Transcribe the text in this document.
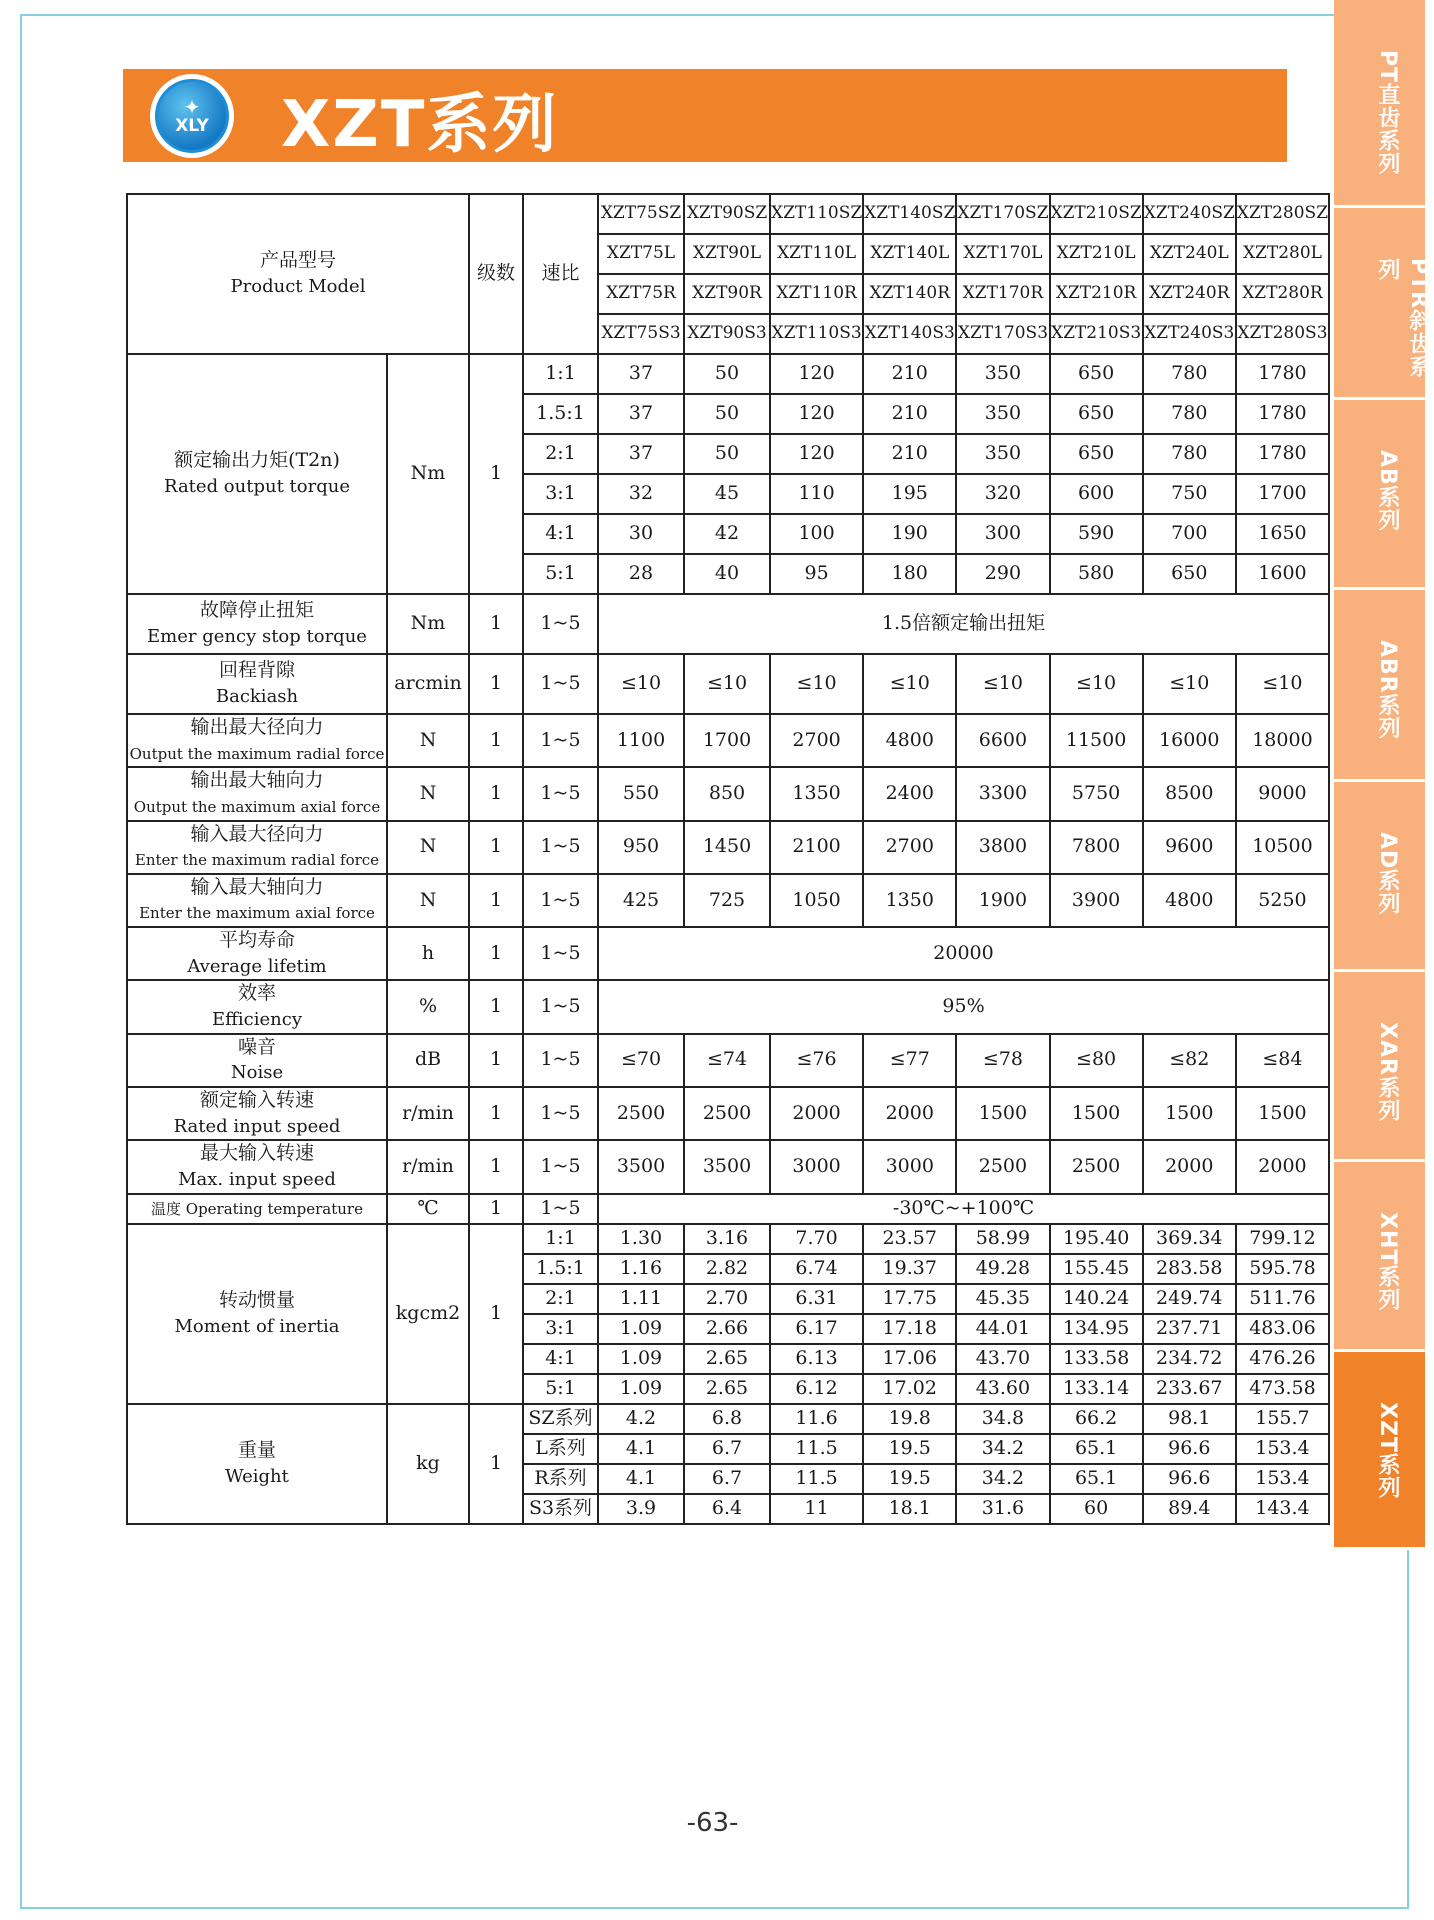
✦
XLY XZT系列	PT直齿系列
PTR斜齿系列
AB系列
ABR系列
AD系列
XAR系列
XHT系列
XZT系列
产品型号
Product Model		级数	速比	XZT75SZ	XZT90SZ	XZT110SZ	XZT140SZ	XZT170SZ	XZT210SZ	XZT240SZ	XZT280SZ
				XZT75L	XZT90L	XZT110L	XZT140L	XZT170L	XZT210L	XZT240L	XZT280L
				XZT75R	XZT90R	XZT110R	XZT140R	XZT170R	XZT210R	XZT240R	XZT280R
				XZT75S3	XZT90S3	XZT110S3	XZT140S3	XZT170S3	XZT210S3	XZT240S3	XZT280S3
额定输出力矩(T2n)
Rated output torque	Nm	1	1:1	37	50	120	210	350	650	780	1780
			1.5:1	37	50	120	210	350	650	780	1780
			2:1	37	50	120	210	350	650	780	1780
			3:1	32	45	110	195	320	600	750	1700
			4:1	30	42	100	190	300	590	700	1650
			5:1	28	40	95	180	290	580	650	1600
故障停止扭矩
Emer gency stop torque	Nm	1	1~5	1.5倍额定输出扭矩							
回程背隙
Backiash	arcmin	1	1~5	≤10	≤10	≤10	≤10	≤10	≤10	≤10	≤10
输出最大径向力
Output the maximum radial force	N	1	1~5	1100	1700	2700	4800	6600	11500	16000	18000
输出最大轴向力
Output the maximum axial force	N	1	1~5	550	850	1350	2400	3300	5750	8500	9000
输入最大径向力
Enter the maximum radial force	N	1	1~5	950	1450	2100	2700	3800	7800	9600	10500
输入最大轴向力
Enter the maximum axial force	N	1	1~5	425	725	1050	1350	1900	3900	4800	5250
平均寿命
Average lifetim	h	1	1~5	20000							
效率
Efficiency	%	1	1~5	95%							
噪音
Noise	dB	1	1~5	≤70	≤74	≤76	≤77	≤78	≤80	≤82	≤84
额定输入转速
Rated input speed	r/min	1	1~5	2500	2500	2000	2000	1500	1500	1500	1500
最大输入转速
Max. input speed	r/min	1	1~5	3500	3500	3000	3000	2500	2500	2000	2000
温度 Operating temperature	℃	1	1~5	-30℃~+100℃							
转动惯量
Moment of inertia	kgcm2	1	1:1	1.30	3.16	7.70	23.57	58.99	195.40	369.34	799.12
			1.5:1	1.16	2.82	6.74	19.37	49.28	155.45	283.58	595.78
			2:1	1.11	2.70	6.31	17.75	45.35	140.24	249.74	511.76
			3:1	1.09	2.66	6.17	17.18	44.01	134.95	237.71	483.06
			4:1	1.09	2.65	6.13	17.06	43.70	133.58	234.72	476.26
			5:1	1.09	2.65	6.12	17.02	43.60	133.14	233.67	473.58
重量
Weight	kg	1	SZ系列	4.2	6.8	11.6	19.8	34.8	66.2	98.1	155.7
			L系列	4.1	6.7	11.5	19.5	34.2	65.1	96.6	153.4
			R系列	4.1	6.7	11.5	19.5	34.2	65.1	96.6	153.4
			S3系列	3.9	6.4	11	18.1	31.6	60	89.4	143.4
-63-
